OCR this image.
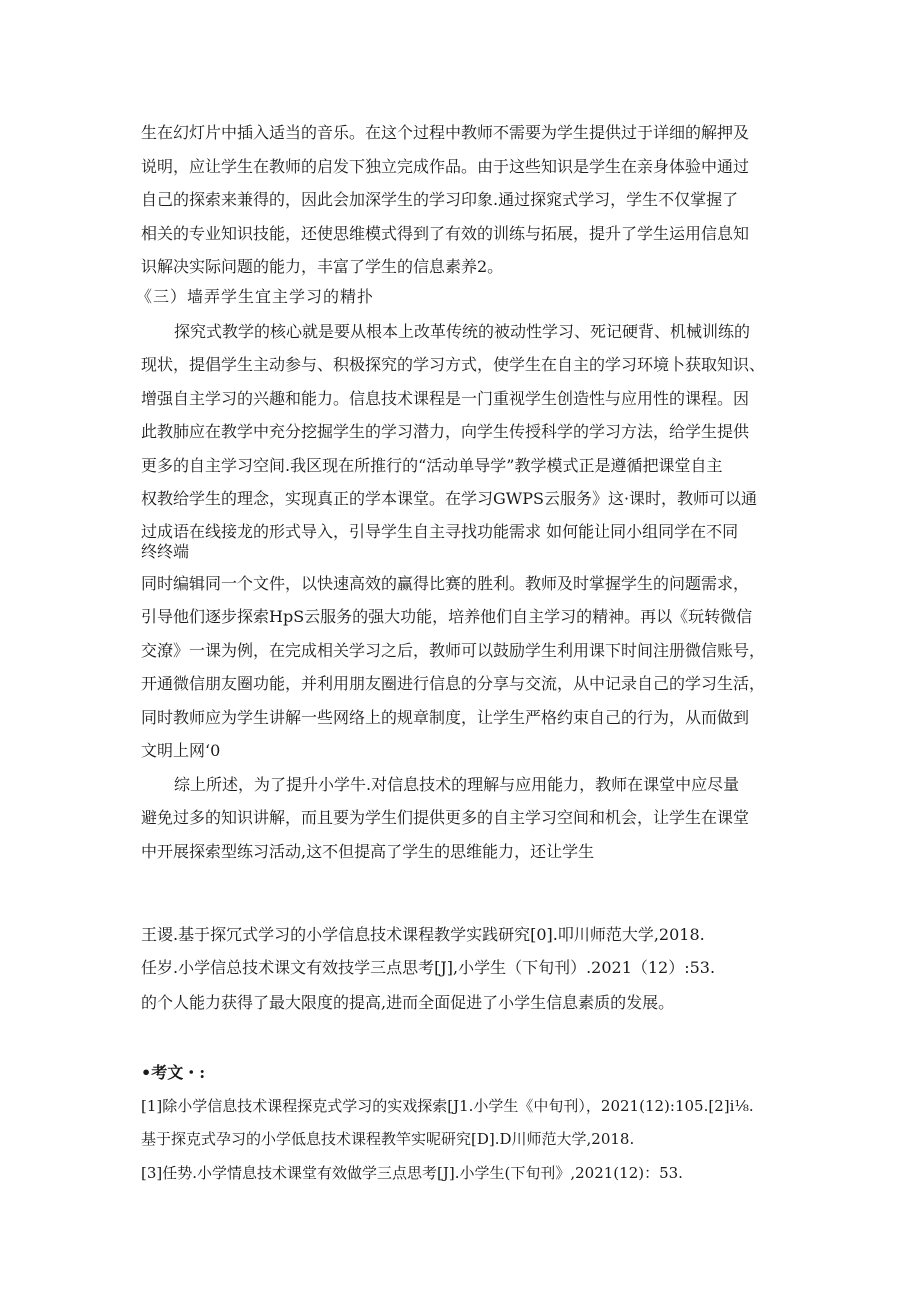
生在幻灯片中插入适当的音乐。在这个过程中教师不需要为学生提供过于详细的解押及
说明，应让学生在教师的启发下独立完成作品。由于这些知识是学生在亲身体验中通过
自己的探索来兼得的，因此会加深学生的学习印象.通过探窕式学习，学生不仅掌握了
相关的专业知识技能，还使思维模式得到了有效的训练与拓展，提升了学生运用信息知
识解决实际问题的能力，丰富了学生的信息素养2。
《三）墙弄学生宜主学习的精扑
探究式教学的核心就是要从根本上改革传统的被动性学习、死记硬背、机械训练的
现状，提倡学生主动参与、积极探究的学习方式，使学生在自主的学习环境卜获取知识、
增强自主学习的兴趣和能力。信息技术课程是一门重视学生创造性与应用性的课程。因
此教肺应在教学中充分挖掘学生的学习潜力，向学生传授科学的学习方法，给学生提供
更多的自主学习空间.我区现在所推行的“活动单导学”教学模式正是遵循把课堂自主
权教给学生的理念，实现真正的学本课堂。在学习GWPS云服务》这·课时，教师可以通
过成语在线接龙的形式导入，引导学生自主寻找功能需求 如何能让同小组同学在不同
终终端
同时编辑同一个文件，以快速高效的赢得比赛的胜利。教师及时掌握学生的问题需求，
引导他们逐步探索HpS云服务的强大功能，培养他们自主学习的精神。再以《玩转微信
交潦》一课为例，在完成相关学习之后，教师可以鼓励学生利用课下时间注册微信账号，
开通微信朋友圈功能，并利用朋友圈进行信息的分享与交流，从中记录自己的学习生活，
同时教师应为学生讲解一些网络上的规章制度，让学生严格约束自己的行为，从而做到
文明上网‘0
综上所述，为了提升小学牛.对信息技术的理解与应用能力，教师在课堂中应尽量
避免过多的知识讲解，而且要为学生们提供更多的自主学习空间和机会，让学生在课堂
中开展探索型练习活动,这不但提高了学生的思维能力，还让学生
王谡.基于探冗式学习的小学信息技术课程教学实践研究[0].叩川师范大学,2018.
任岁.小学信总技术课文有效技学三点思考[J],小学生（下旬刊）.2021（12）:53.
的个人能力获得了最大限度的提高,进而全面促进了小学生信息素质的发展。
•考文・:
[1]除小学信息技术课程探克式学习的实戏探索[J1.小学生《中旬刊），2021(12):105.[2]i⅛.
基于探克式孕习的小学低息技术课程教竿实呢研究[D].D川师范大学,2018.
[3]任势.小学情息技术课堂有效做学三点思考[J].小学生(下旬刊》,2021(12)：53.
